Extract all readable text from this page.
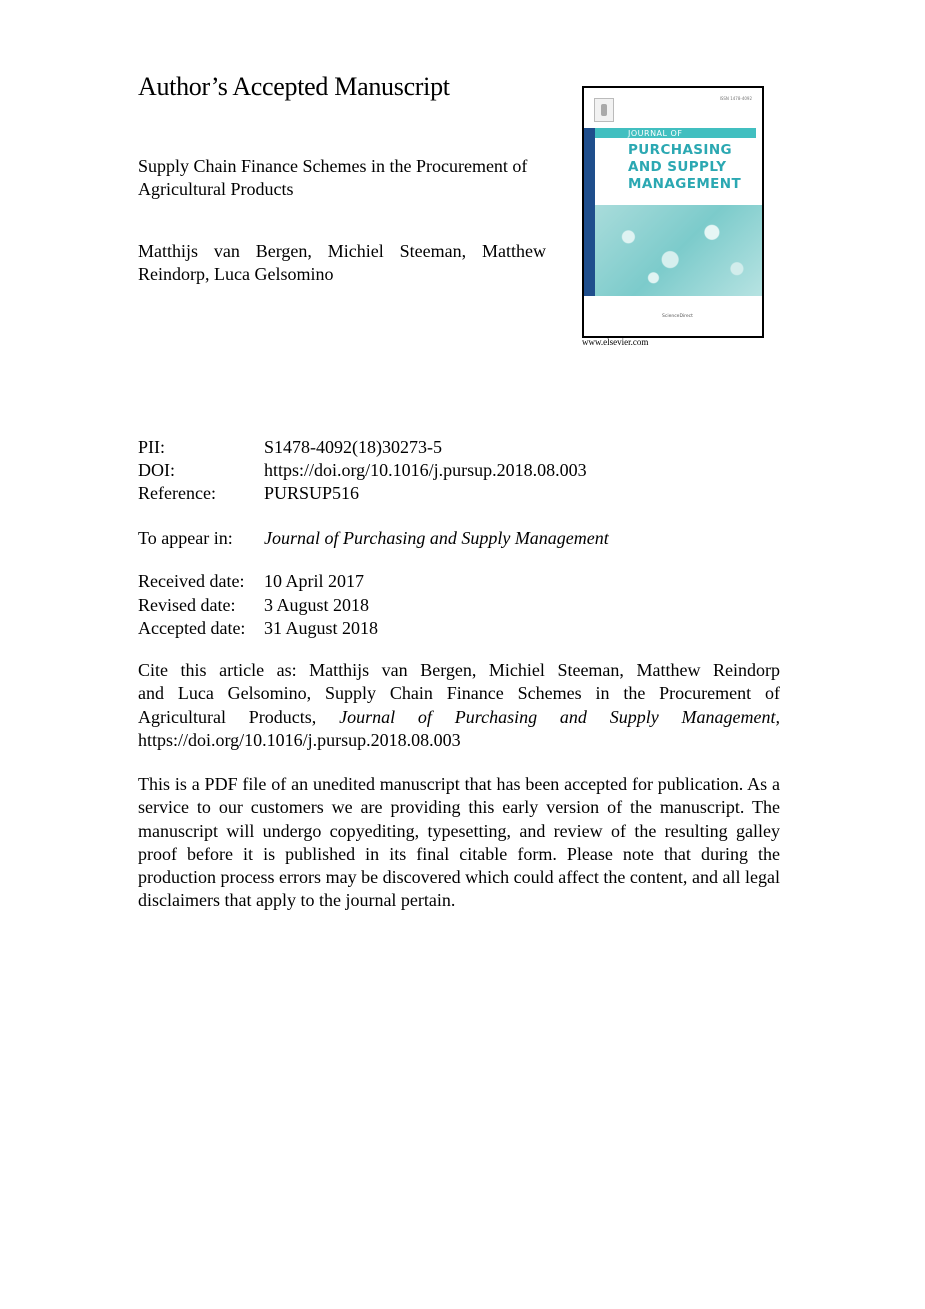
Author’s Accepted Manuscript
Supply Chain Finance Schemes in the Procurement of Agricultural Products
Matthijs van Bergen, Michiel Steeman, Matthew Reindorp, Luca Gelsomino
ISSN 1478-4092
JOURNAL OF
PURCHASING
AND SUPPLY
MANAGEMENT
ScienceDirect
www.elsevier.com
PII:	S1478-4092(18)30273-5
DOI:	https://doi.org/10.1016/j.pursup.2018.08.003
Reference:	PURSUP516
To appear in: Journal of Purchasing and Supply Management
Received date: 10 April 2017
Revised date: 3 August 2018
Accepted date: 31 August 2018
Cite this article as: Matthijs van Bergen, Michiel Steeman, Matthew Reindorp
and Luca Gelsomino, Supply Chain Finance Schemes in the Procurement of
Agricultural Products, Journal of Purchasing and Supply Management,
https://doi.org/10.1016/j.pursup.2018.08.003
This is a PDF file of an unedited manuscript that has been accepted for publication. As a service to our customers we are providing this early version of the manuscript. The manuscript will undergo copyediting, typesetting, and review of the resulting galley proof before it is published in its final citable form. Please note that during the production process errors may be discovered which could affect the content, and all legal disclaimers that apply to the journal pertain.
